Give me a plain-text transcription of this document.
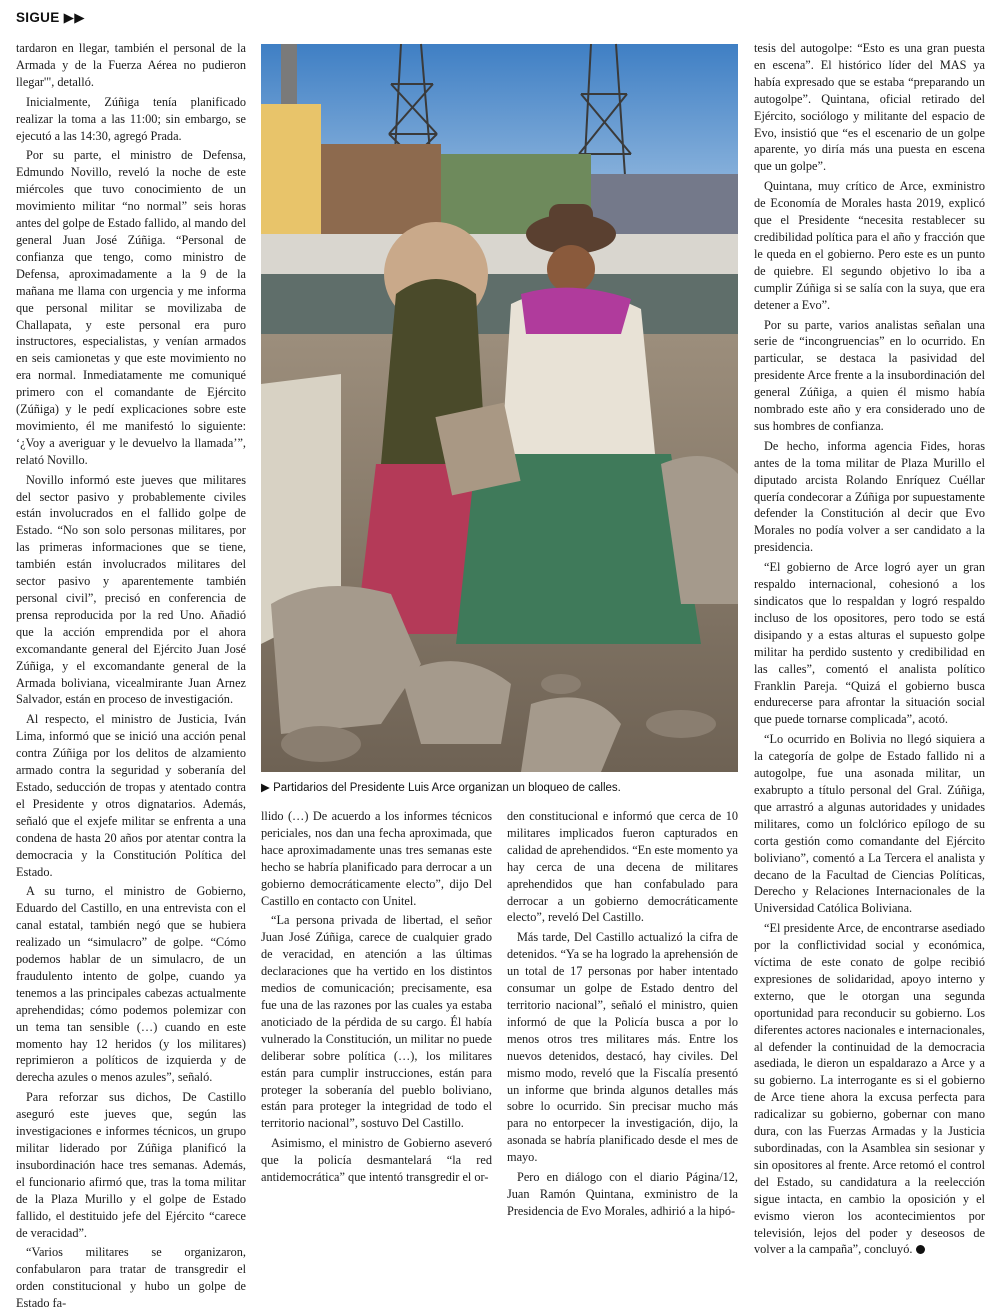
SIGUE ▶▶

tardaron en llegar, también el personal de la Armada y de la Fuerza Aérea no pudieron llegar'", detalló.

Inicialmente, Zúñiga tenía planificado realizar la toma a las 11:00; sin embargo, se ejecutó a las 14:30, agregó Prada.

Por su parte, el ministro de Defensa, Edmundo Novillo, reveló la noche de este miércoles que tuvo conocimiento de un movimiento militar “no normal” seis horas antes del golpe de Estado fallido, al mando del general Juan José Zúñiga. “Personal de confianza que tengo, como ministro de Defensa, aproximadamente a la 9 de la mañana me llama con urgencia y me informa que personal militar se movilizaba de Challapata, y este personal era puro instructores, especialistas, y venían armados en seis camionetas y que este movimiento no era normal. Inmediatamente me comuniqué primero con el comandante de Ejército (Zúñiga) y le pedí explicaciones sobre este movimiento, él me manifestó lo siguiente: ‘¿Voy a averiguar y le devuelvo la llamada’”, relató Novillo.

Novillo informó este jueves que militares del sector pasivo y probablemente civiles están involucrados en el fallido golpe de Estado. “No son solo personas militares, por las primeras informaciones que se tiene, también están involucrados militares del sector pasivo y aparentemente también personal civil”, precisó en conferencia de prensa reproducida por la red Uno. Añadió que la acción emprendida por el ahora excomandante general del Ejército Juan José Zúñiga, y el excomandante general de la Armada boliviana, vicealmirante Juan Arnez Salvador, están en proceso de investigación.

Al respecto, el ministro de Justicia, Iván Lima, informó que se inició una acción penal contra Zúñiga por los delitos de alzamiento armado contra la seguridad y soberanía del Estado, seducción de tropas y atentado contra el Presidente y otros dignatarios. Además, señaló que el exjefe militar se enfrenta a una condena de hasta 20 años por atentar contra la democracia y la Constitución Política del Estado.

A su turno, el ministro de Gobierno, Eduardo del Castillo, en una entrevista con el canal estatal, también negó que se hubiera realizado un “simulacro” de golpe. “Cómo podemos hablar de un simulacro, de un fraudulento intento de golpe, cuando ya tenemos a las principales cabezas actualmente aprehendidas; cómo podemos polemizar con un tema tan sensible (…) cuando en este momento hay 12 heridos (y los militares) reprimieron a políticos de izquierda y de derecha azules o menos azules”, señaló.

Para reforzar sus dichos, De Castillo aseguró este jueves que, según las investigaciones e informes técnicos, un grupo militar liderado por Zúñiga planificó la insubordinación hace tres semanas. Además, el funcionario afirmó que, tras la toma militar de la Plaza Murillo y el golpe de Estado fallido, el destituido jefe del Ejército “carece de veracidad”.

“Varios militares se organizaron, confabularon para tratar de transgredir el orden constitucional y hubo un golpe de Estado fa-

▶ Partidarios del Presidente Luis Arce organizan un bloqueo de calles.

llido (…) De acuerdo a los informes técnicos periciales, nos dan una fecha aproximada, que hace aproximadamente unas tres semanas este hecho se habría planificado para derrocar a un gobierno democráticamente electo”, dijo Del Castillo en contacto con Unitel.

“La persona privada de libertad, el señor Juan José Zúñiga, carece de cualquier grado de veracidad, en atención a las últimas declaraciones que ha vertido en los distintos medios de comunicación; precisamente, esa fue una de las razones por las cuales ya estaba anoticiado de la pérdida de su cargo. Él había vulnerado la Constitución, un militar no puede deliberar sobre política (…), los militares están para cumplir instrucciones, están para proteger la soberanía del pueblo boliviano, están para proteger la integridad de todo el territorio nacional”, sostuvo Del Castillo.

Asimismo, el ministro de Gobierno aseveró que la policía desmantelará “la red antidemocrática” que intentó transgredir el or-

den constitucional e informó que cerca de 10 militares implicados fueron capturados en calidad de aprehendidos. “En este momento ya hay cerca de una decena de militares aprehendidos que han confabulado para derrocar a un gobierno democráticamente electo”, reveló Del Castillo.

Más tarde, Del Castillo actualizó la cifra de detenidos. “Ya se ha logrado la aprehensión de un total de 17 personas por haber intentado consumar un golpe de Estado dentro del territorio nacional”, señaló el ministro, quien informó de que la Policía busca a por lo menos otros tres militares más. Entre los nuevos detenidos, destacó, hay civiles. Del mismo modo, reveló que la Fiscalía presentó un informe que brinda algunos detalles más sobre lo ocurrido. Sin precisar mucho más para no entorpecer la investigación, dijo, la asonada se habría planificado desde el mes de mayo.

Pero en diálogo con el diario Página/12, Juan Ramón Quintana, exministro de la Presidencia de Evo Morales, adhirió a la hipó-

tesis del autogolpe: “Esto es una gran puesta en escena”. El histórico líder del MAS ya había expresado que se estaba “preparando un autogolpe”. Quintana, oficial retirado del Ejército, sociólogo y militante del espacio de Evo, insistió que “es el escenario de un golpe aparente, yo diría más una puesta en escena que un golpe”.

Quintana, muy crítico de Arce, exministro de Economía de Morales hasta 2019, explicó que el Presidente “necesita restablecer su credibilidad política para el año y fracción que le queda en el gobierno. Pero este es un punto de quiebre. El segundo objetivo lo iba a cumplir Zúñiga si se salía con la suya, que era detener a Evo”.

Por su parte, varios analistas señalan una serie de “incongruencias” en lo ocurrido. En particular, se destaca la pasividad del presidente Arce frente a la insubordinación del general Zúñiga, a quien él mismo había nombrado este año y era considerado uno de sus hombres de confianza.

De hecho, informa agencia Fides, horas antes de la toma militar de Plaza Murillo el diputado arcista Rolando Enríquez Cuéllar quería condecorar a Zúñiga por supuestamente defender la Constitución al decir que Evo Morales no podía volver a ser candidato a la presidencia.

“El gobierno de Arce logró ayer un gran respaldo internacional, cohesionó a los sindicatos que lo respaldan y logró respaldo incluso de los opositores, pero todo se está disipando y a estas alturas el supuesto golpe militar ha perdido sustento y credibilidad en las calles”, comentó el analista político Franklin Pareja. “Quizá el gobierno busca endurecerse para afrontar la situación social que puede tornarse complicada”, acotó.

“Lo ocurrido en Bolivia no llegó siquiera a la categoría de golpe de Estado fallido ni a autogolpe, fue una asonada militar, un exabrupto a título personal del Gral. Zúñiga, que arrastró a algunas autoridades y unidades militares, como un folclórico epílogo de su corta gestión como comandante del Ejército boliviano”, comentó a La Tercera el analista y decano de la Facultad de Ciencias Políticas, Derecho y Relaciones Internacionales de la Universidad Católica Boliviana.

“El presidente Arce, de encontrarse asediado por la conflictividad social y económica, víctima de este conato de golpe recibió expresiones de solidaridad, apoyo interno y externo, que le otorgan una segunda oportunidad para reconducir su gobierno. Los diferentes actores nacionales e internacionales, al defender la continuidad de la democracia asediada, le dieron un espaldarazo a Arce y a su gobierno. La interrogante es si el gobierno de Arce tiene ahora la excusa perfecta para radicalizar su gobierno, gobernar con mano dura, con las Fuerzas Armadas y la Justicia subordinadas, con la Asamblea sin sesionar y sin opositores al frente. Arce retomó el control del Estado, su candidatura a la reelección sigue intacta, en cambio la oposición y el evismo vieron los acontecimientos por televisión, lejos del poder y deseosos de volver a la campaña”, concluyó.
